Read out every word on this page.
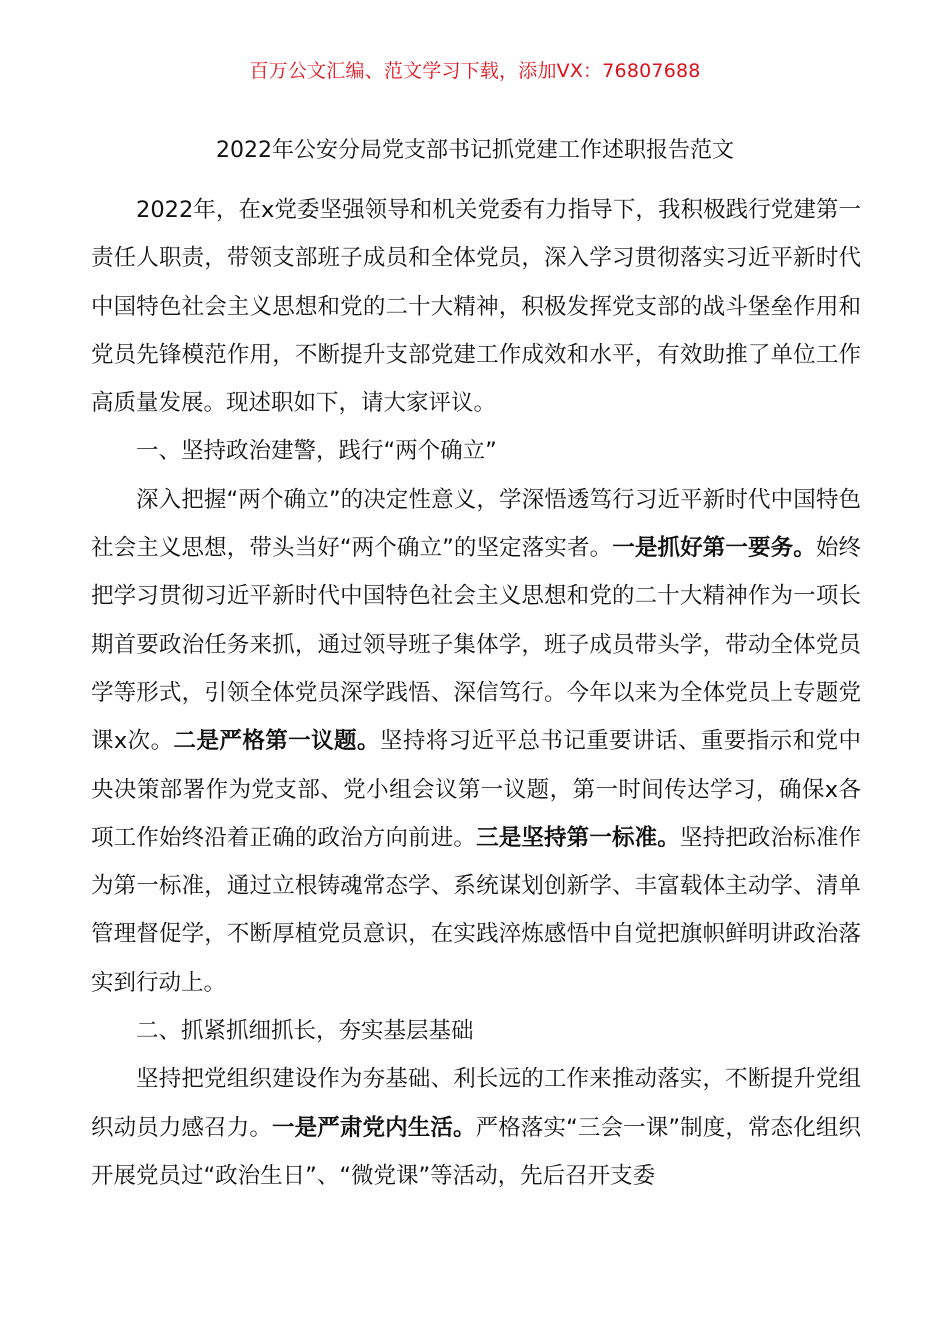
百万公文汇编、范文学习下载，添加VX：76807688
2022年公安分局党支部书记抓党建工作述职报告范文

2022年，在x党委坚强领导和机关党委有力指导下，我积极践行党建第一责任人职责，带领支部班子成员和全体党员，深入学习贯彻落实习近平新时代中国特色社会主义思想和党的二十大精神，积极发挥党支部的战斗堡垒作用和党员先锋模范作用，不断提升支部党建工作成效和水平，有效助推了单位工作高质量发展。现述职如下，请大家评议。

一、坚持政治建警，践行“两个确立”

深入把握“两个确立”的决定性意义，学深悟透笃行习近平新时代中国特色社会主义思想，带头当好“两个确立”的坚定落实者。一是抓好第一要务。始终把学习贯彻习近平新时代中国特色社会主义思想和党的二十大精神作为一项长期首要政治任务来抓，通过领导班子集体学，班子成员带头学，带动全体党员学等形式，引领全体党员深学践悟、深信笃行。今年以来为全体党员上专题党课x次。二是严格第一议题。坚持将习近平总书记重要讲话、重要指示和党中央决策部署作为党支部、党小组会议第一议题，第一时间传达学习，确保x各项工作始终沿着正确的政治方向前进。三是坚持第一标准。坚持把政治标准作为第一标准，通过立根铸魂常态学、系统谋划创新学、丰富载体主动学、清单管理督促学，不断厚植党员意识，在实践淬炼感悟中自觉把旗帜鲜明讲政治落实到行动上。

二、抓紧抓细抓长，夯实基层基础

坚持把党组织建设作为夯基础、利长远的工作来推动落实，不断提升党组织动员力感召力。一是严肃党内生活。严格落实“三会一课”制度，常态化组织开展党员过“政治生日”、“微党课”等活动，先后召开支委
